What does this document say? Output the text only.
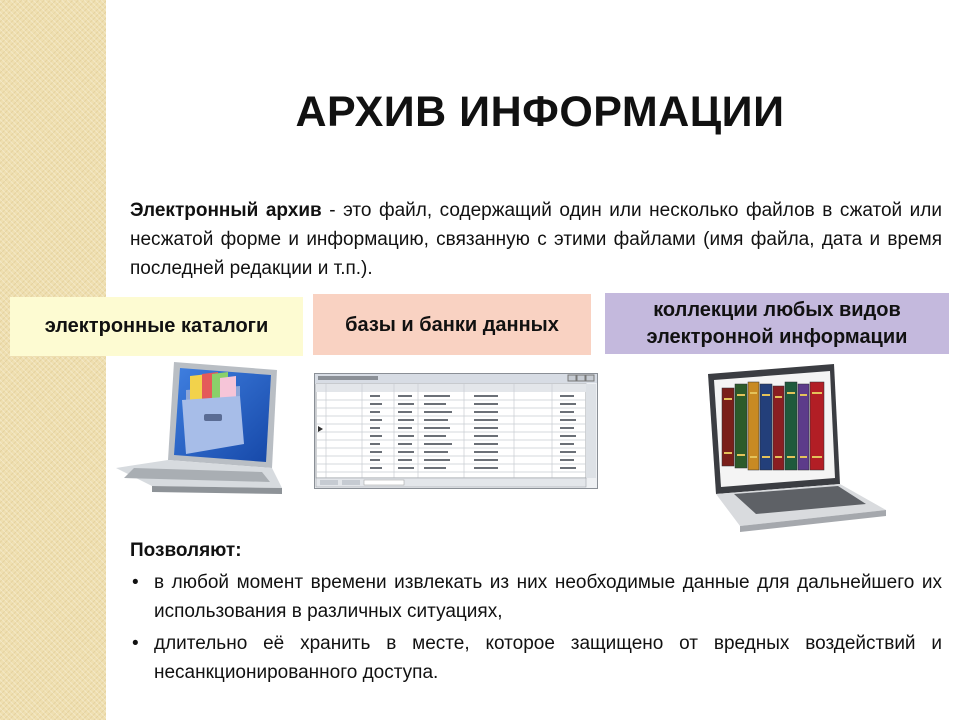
АРХИВ ИНФОРМАЦИИ
Электронный архив - это файл, содержащий один или несколько файлов в сжатой или несжатой форме и информацию, связанную с этими файлами (имя файла, дата и время последней редакции и т.п.).
электронные каталоги	базы и банки данных
коллекции любых видов электронной информации
Позволяют:
• в любой момент времени извлекать из них необходимые данные для дальнейшего их использования в различных ситуациях,
• длительно её хранить в месте, которое защищено от вредных воздействий и несанкционированного доступа.
